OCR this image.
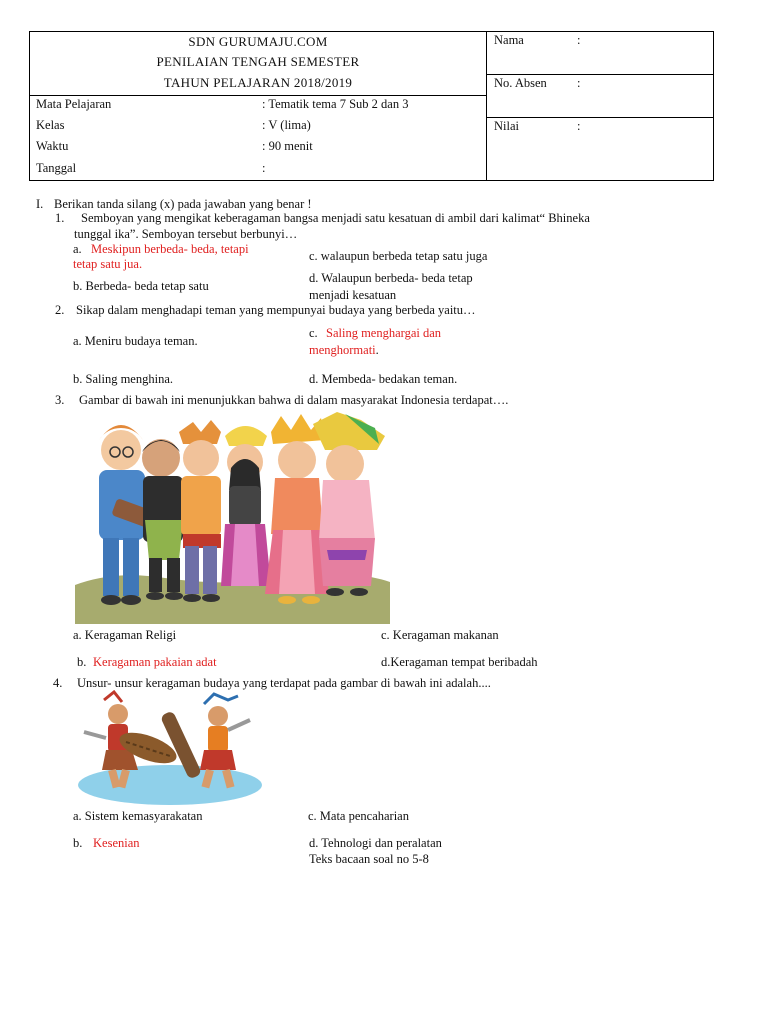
SDN GURUMAJU.COM
PENILAIAN TENGAH SEMESTER
TAHUN PELAJARAN 2018/2019
Mata Pelajaran	: Tematik tema 7 Sub 2 dan 3
Kelas	: V (lima)
Waktu	: 90 menit
Tanggal	:
Nama	:
No. Absen :
Nilai	:
I. Berikan tanda silang (x) pada jawaban yang benar !
1. Semboyan yang mengikat keberagaman bangsa menjadi satu kesatuan di ambil dari kalimat“ Bhineka
tunggal ika”. Semboyan tersebut berbunyi…
a. Meskipun berbeda- beda, tetapi
tetap satu jua.
b. Berbeda- beda tetap satu
c. walaupun berbeda tetap satu juga
d. Walaupun berbeda- beda tetap
menjadi kesatuan
2. Sikap dalam menghadapi teman yang mempunyai budaya yang berbeda yaitu…
a. Meniru budaya teman.
b. Saling menghina.
c. Saling menghargai dan
menghormati.
d. Membeda- bedakan teman.
3. Gambar di bawah ini menunjukkan bahwa di dalam masyarakat Indonesia terdapat….
a. Keragaman Religi
b. Keragaman pakaian adat
c. Keragaman makanan
d.Keragaman tempat beribadah
4. Unsur- unsur keragaman budaya yang terdapat pada gambar di bawah ini adalah....
a. Sistem kemasyarakatan
b. Kesenian
c. Mata pencaharian
d. Tehnologi dan peralatan
Teks bacaan soal no 5-8
